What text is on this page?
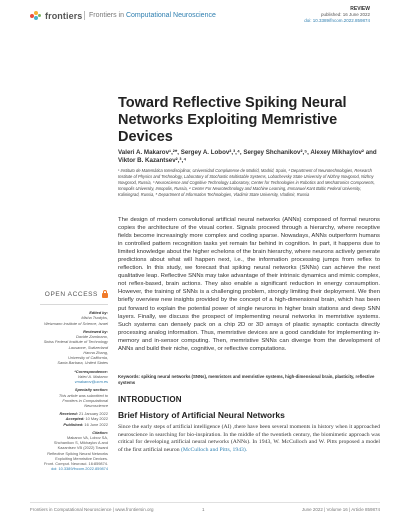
frontiers Frontiers in Computational Neuroscience
REVIEW
published: 16 June 2022
doi: 10.3389/fncom.2022.859874
Toward Reflective Spiking Neural Networks Exploiting Memristive Devices
Valeri A. Makarov¹,²*, Sergey A. Lobov²,³,⁴, Sergey Shchanikov²,⁵, Alexey Mikhaylov² and Viktor B. Kazantsev²,³,⁴
¹ Instituto de Matemática Interdisciplinar, Universidad Complutense de Madrid, Madrid, Spain, ² Department of Neurotechnologies, Research Institute of Physics and Technology, Laboratory of Stochastic Multistable Systems, Lobachevsky State University of Nizhny Novgorod, Nizhny Novgorod, Russia, ³ Neuroscience and Cognitive Technology Laboratory, Center for Technologies in Robotics and Mechatronics Components, Innopolis University, Innopolis, Russia, ⁴ Center For Neurotechnology and Machine Learning, Immanuel Kant Baltic Federal University, Kaliningrad, Russia, ⁵ Department of Information Technologies, Vladimir State University, Vladimir, Russia

The design of modern convolutional artificial neural networks (ANNs) composed of formal neurons copies the architecture of the visual cortex. Signals proceed through a hierarchy, where receptive fields become increasingly more complex and coding sparse. Nowadays, ANNs outperform humans in controlled pattern recognition tasks yet remain far behind in cognition. In part, it happens due to limited knowledge about the higher echelons of the brain hierarchy, where neurons actively generate predictions about what will happen next, i.e., the information processing jumps from reflex to reflection. In this study, we forecast that spiking neural networks (SNNs) can achieve the next qualitative leap. Reflective SNNs may take advantage of their intrinsic dynamics and mimic complex, not reflex-based, brain actions. They also enable a significant reduction in energy consumption. However, the training of SNNs is a challenging problem, strongly limiting their deployment. We then briefly overview new insights provided by the concept of a high-dimensional brain, which has been put forward to explain the potential power of single neurons in higher brain stations and deep SNN layers. Finally, we discuss the prospect of implementing neural networks in memristive systems. Such systems can densely pack on a chip 2D or 3D arrays of plastic synaptic contacts directly processing analog information. Thus, memristive devices are a good candidate for implementing in-memory and in-sensor computing. Then, memristive SNNs can diverge from the development of ANNs and build their niche, cognitive, or reflective computations.

Keywords: spiking neural networks (SNNs), memristors and memristive systems, high-dimensional brain, plasticity, reflective systems

OPEN ACCESS
Edited by:
Misha Tsodyks,
Weizmann Institute of Science, Israel
Reviewed by:
Davide Zambrano,
Swiss Federal Institute of Technology
Lausanne, Switzerland
Hanna Zhang,
University of California,
Santa Barbara, United States
*Correspondence:
Valeri A. Makarov
vmakarov@ucm.es
Specialty section:
This article was submitted to
Frontiers in Computational
Neuroscience
Received: 21 January 2022
Accepted: 10 May 2022
Published: 16 June 2022
Citation:
Makarov VA, Lobov SA,
Shchanikov S, Mikhaylov A and
Kazantsev VB (2022) Toward
Reflective Spiking Neural Networks
Exploiting Memristive Devices.
Front. Comput. Neurosci. 16:859874.
doi: 10.3389/fncom.2022.859874
INTRODUCTION
Brief History of Artificial Neural Networks

Since the early steps of artificial intelligence (AI) ,there have been several moments in history when it approached neuroscience in searching for bio-inspiration. In the middle of the twentieth century, the biomimetic approach was critical for developing artificial neural networks (ANNs). In 1943, W. McCulloch and W. Pitts proposed a model of the first artificial neuron (McCulloch and Pitts, 1943).

Frontiers in Computational Neuroscience | www.frontiersin.org	1	June 2022 | Volume 16 | Article 859874
